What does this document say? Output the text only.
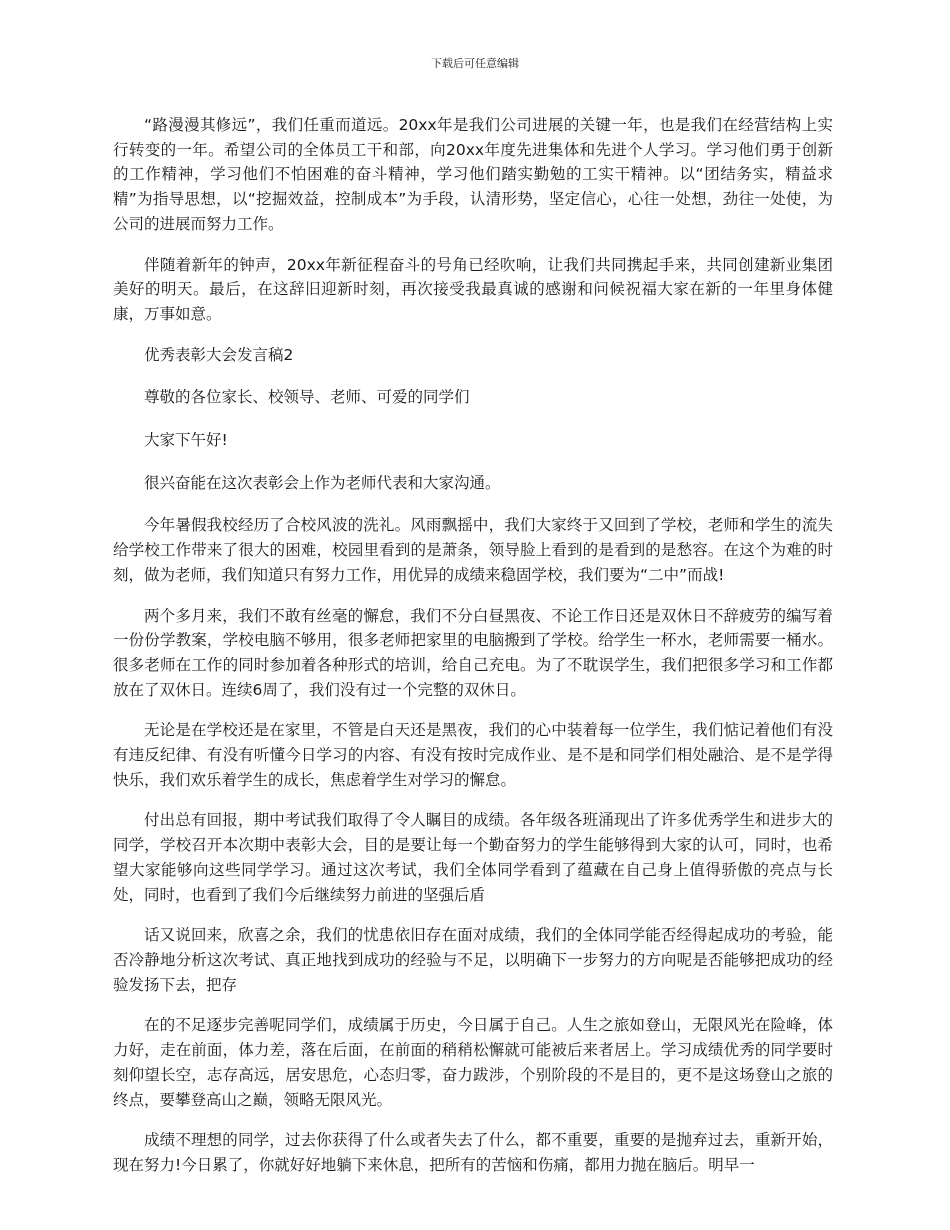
下载后可任意编辑

“路漫漫其修远”，我们任重而道远。20xx年是我们公司进展的关键一年，也是我们在经营结构上实行转变的一年。希望公司的全体员工干和部，向20xx年度先进集体和先进个人学习。学习他们勇于创新的工作精神，学习他们不怕困难的奋斗精神，学习他们踏实勤勉的工实干精神。以“团结务实，精益求精”为指导思想，以“挖掘效益，控制成本”为手段，认清形势，坚定信心，心往一处想，劲往一处使，为公司的进展而努力工作。

伴随着新年的钟声，20xx年新征程奋斗的号角已经吹响，让我们共同携起手来，共同创建新业集团美好的明天。最后，在这辞旧迎新时刻，再次接受我最真诚的感谢和问候祝福大家在新的一年里身体健康，万事如意。

优秀表彰大会发言稿2

尊敬的各位家长、校领导、老师、可爱的同学们

大家下午好!

很兴奋能在这次表彰会上作为老师代表和大家沟通。

今年暑假我校经历了合校风波的洗礼。风雨飘摇中，我们大家终于又回到了学校，老师和学生的流失给学校工作带来了很大的困难，校园里看到的是萧条，领导脸上看到的是看到的是愁容。在这个为难的时刻，做为老师，我们知道只有努力工作，用优异的成绩来稳固学校，我们要为“二中”而战!

两个多月来，我们不敢有丝毫的懈怠，我们不分白昼黑夜、不论工作日还是双休日不辞疲劳的编写着一份份学教案，学校电脑不够用，很多老师把家里的电脑搬到了学校。给学生一杯水，老师需要一桶水。很多老师在工作的同时参加着各种形式的培训，给自己充电。为了不耽误学生，我们把很多学习和工作都放在了双休日。连续6周了，我们没有过一个完整的双休日。

无论是在学校还是在家里，不管是白天还是黑夜，我们的心中装着每一位学生，我们惦记着他们有没有违反纪律、有没有听懂今日学习的内容、有没有按时完成作业、是不是和同学们相处融洽、是不是学得快乐，我们欢乐着学生的成长，焦虑着学生对学习的懈怠。

付出总有回报，期中考试我们取得了令人瞩目的成绩。各年级各班涌现出了许多优秀学生和进步大的同学，学校召开本次期中表彰大会，目的是要让每一个勤奋努力的学生能够得到大家的认可，同时，也希望大家能够向这些同学学习。通过这次考试，我们全体同学看到了蕴藏在自己身上值得骄傲的亮点与长处，同时，也看到了我们今后继续努力前进的坚强后盾

话又说回来，欣喜之余，我们的忧患依旧存在面对成绩，我们的全体同学能否经得起成功的考验，能否冷静地分析这次考试、真正地找到成功的经验与不足，以明确下一步努力的方向呢是否能够把成功的经验发扬下去，把存

在的不足逐步完善呢同学们，成绩属于历史，今日属于自己。人生之旅如登山，无限风光在险峰，体力好，走在前面，体力差，落在后面，在前面的稍稍松懈就可能被后来者居上。学习成绩优秀的同学要时刻仰望长空，志存高远，居安思危，心态归零，奋力跋涉，个别阶段的不是目的，更不是这场登山之旅的终点，要攀登高山之巅，领略无限风光。

成绩不理想的同学，过去你获得了什么或者失去了什么，都不重要，重要的是抛弃过去，重新开始，现在努力!今日累了，你就好好地躺下来休息，把所有的苦恼和伤痛，都用力抛在脑后。明早一
